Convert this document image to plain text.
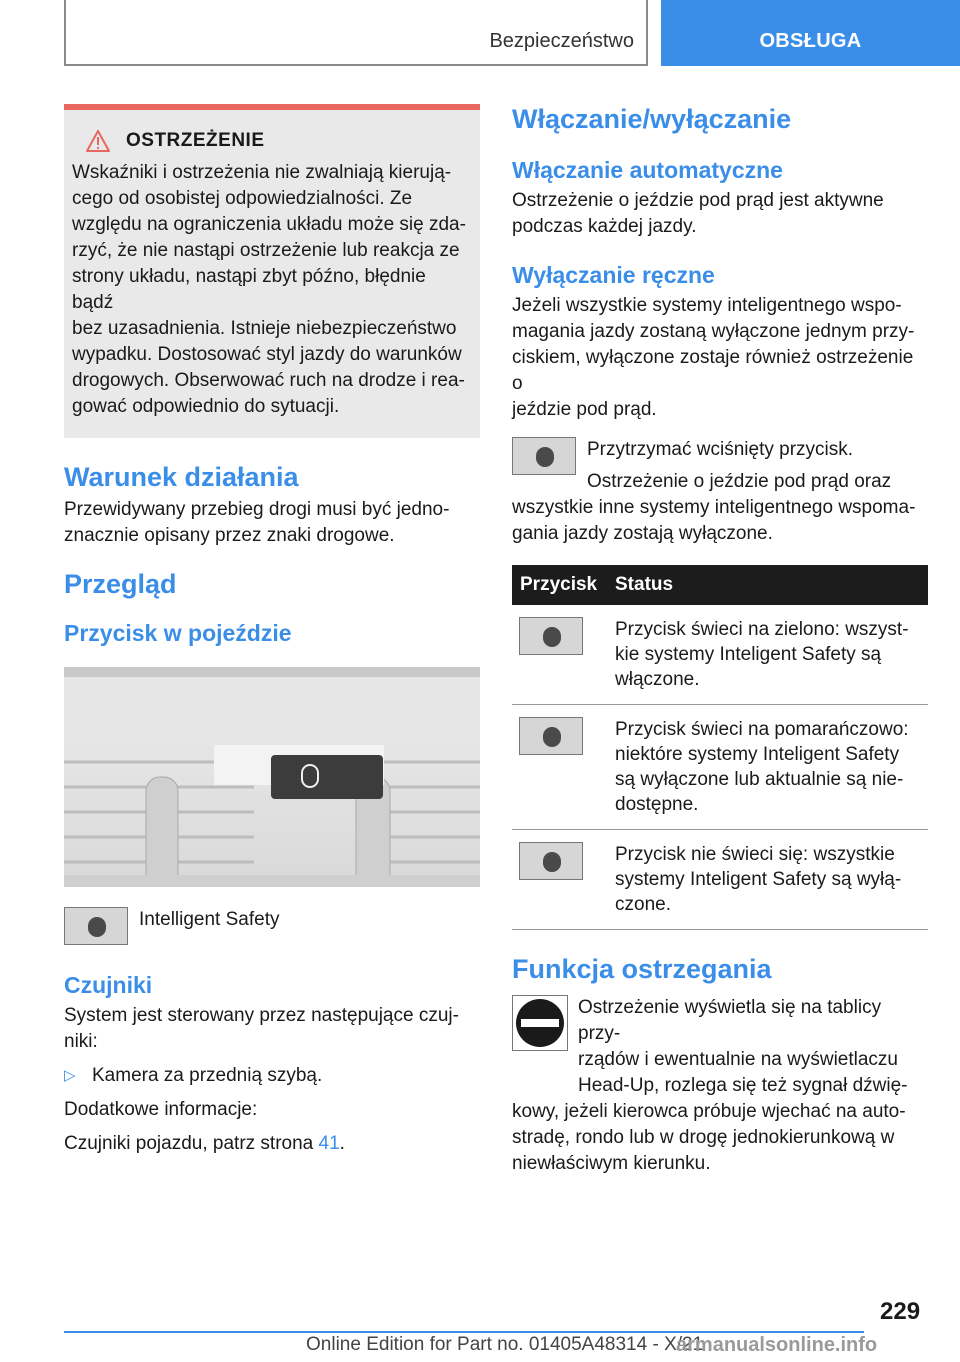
Bezpieczeństwo	OBSŁUGA
OSTRZEŻENIE

Wskaźniki i ostrzeżenia nie zwalniają kierują‐

cego od osobistej odpowiedzialności. Ze

względu na ograniczenia układu może się zda‐

rzyć, że nie nastąpi ostrzeżenie lub reakcja ze

strony układu, nastąpi zbyt późno, błędnie bądź

bez uzasadnienia. Istnieje niebezpieczeństwo

wypadku. Dostosować styl jazdy do warunków

drogowych. Obserwować ruch na drodze i rea‐

gować odpowiednio do sytuacji.

Warunek działania

Przewidywany przebieg drogi musi być jedno‐

znacznie opisany przez znaki drogowe.

Przegląd
Przycisk w pojeździe
Intelligent Safety
Czujniki

System jest sterowany przez następujące czuj‐

niki:

▷ Kamera za przednią szybą.

Dodatkowe informacje:

Czujniki pojazdu, patrz strona 41.

Włączanie/wyłączanie
Włączanie automatyczne

Ostrzeżenie o jeździe pod prąd jest aktywne

podczas każdej jazdy.

Wyłączanie ręczne

Jeżeli wszystkie systemy inteligentnego wspo‐

magania jazdy zostaną wyłączone jednym przy‐

ciskiem, wyłączone zostaje również ostrzeżenie o

jeździe pod prąd.

Przytrzymać wciśnięty przycisk.

Ostrzeżenie o jeździe pod prąd oraz

wszystkie inne systemy inteligentnego wspoma‐

gania jazdy zostają wyłączone.

Przycisk Status

Przycisk świeci na zielono: wszyst‐

kie systemy Inteligent Safety są

włączone.

Przycisk świeci na pomarańczowo:

niektóre systemy Inteligent Safety

są wyłączone lub aktualnie są nie‐

dostępne.

Przycisk nie świeci się: wszystkie

systemy Inteligent Safety są wyłą‐

czone.

Funkcja ostrzegania

Ostrzeżenie wyświetla się na tablicy przy‐

rządów i ewentualnie na wyświetlaczu

Head-Up, rozlega się też sygnał dźwię‐

kowy, jeżeli kierowca próbuje wjechać na auto‐

stradę, rondo lub w drogę jednokierunkową w

niewłaściwym kierunku.

229
Online Edition for Part no. 01405A48314 - X/21
armanualsonline.info
